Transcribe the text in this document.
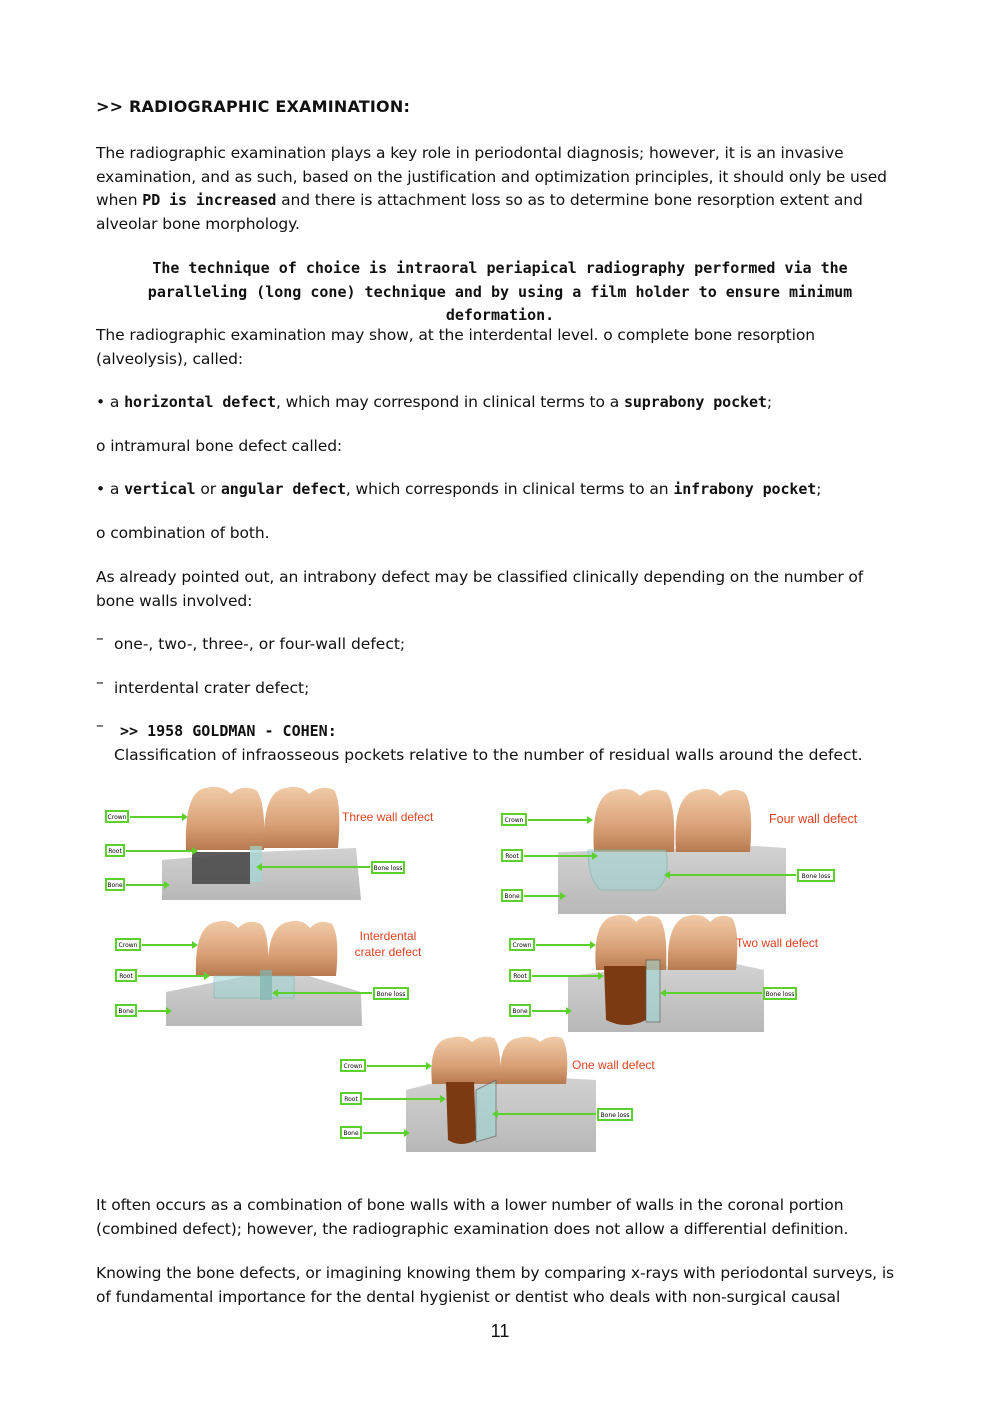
>> RADIOGRAPHIC EXAMINATION:
The radiographic examination plays a key role in periodontal diagnosis; however, it is an invasive examination, and as such, based on the justification and optimization principles, it should only be used when PD is increased and there is attachment loss so as to determine bone resorption extent and alveolar bone morphology.
The technique of choice is intraoral periapical radiography performed via the paralleling (long cone) technique and by using a film holder to ensure minimum deformation.
The radiographic examination may show, at the interdental level. o complete bone resorption (alveolysis), called:
• a horizontal defect, which may correspond in clinical terms to a suprabony pocket;
o intramural bone defect called:
• a vertical or angular defect, which corresponds in clinical terms to an infrabony pocket;
o combination of both.
As already pointed out, an intrabony defect may be classified clinically depending on the number of bone walls involved:
– one-, two-, three-, or four-wall defect;
– interdental crater defect;
–	>> 1958 GOLDMAN - COHEN:
Classification of infraosseous pockets relative to the number of residual walls around the defect.
Crown
Root
Bone
Bone loss
Three wall defect	Crown
Root
Bone
Bone loss
Four wall defect
Crown
Root
Bone
Bone loss
Interdental
crater defect	Crown
Root
Bone
Bone loss
Two wall defect
Crown
Root
Bone
Bone loss
One wall defect
It often occurs as a combination of bone walls with a lower number of walls in the coronal portion (combined defect); however, the radiographic examination does not allow a differential definition.
Knowing the bone defects, or imagining knowing them by comparing x-rays with periodontal surveys, is of fundamental importance for the dental hygienist or dentist who deals with non-surgical causal
11
